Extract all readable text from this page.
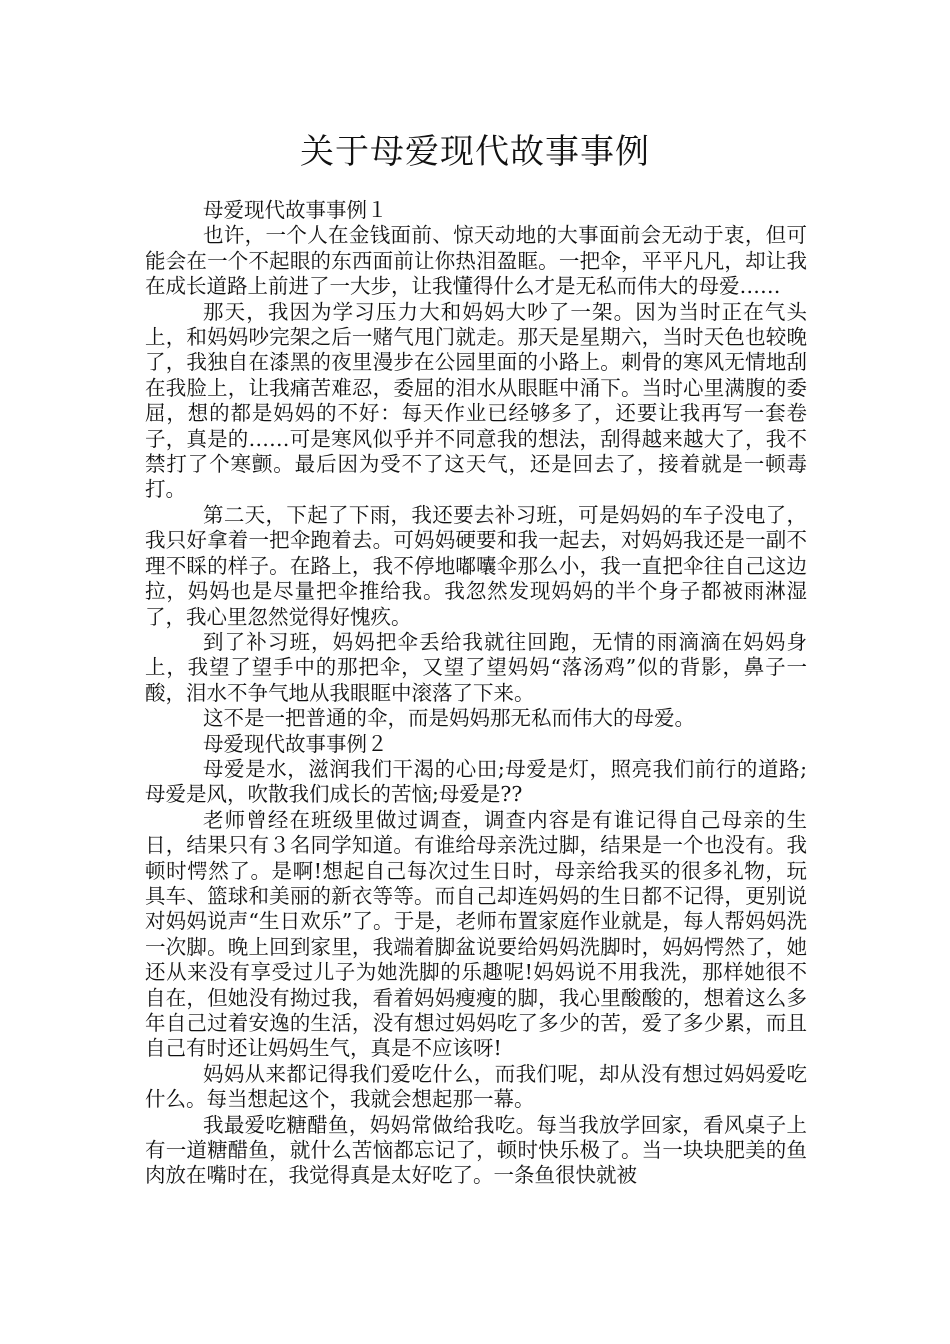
关于母爱现代故事事例

母爱现代故事事例１

也许，一个人在金钱面前、惊天动地的大事面前会无动于衷，但可能会在一个不起眼的东西面前让你热泪盈眶。一把伞，平平凡凡，却让我在成长道路上前进了一大步，让我懂得什么才是无私而伟大的母爱……

那天，我因为学习压力大和妈妈大吵了一架。因为当时正在气头上，和妈妈吵完架之后一赌气甩门就走。那天是星期六，当时天色也较晚了，我独自在漆黑的夜里漫步在公园里面的小路上。刺骨的寒风无情地刮在我脸上，让我痛苦难忍，委屈的泪水从眼眶中涌下。当时心里满腹的委屈，想的都是妈妈的不好：每天作业已经够多了，还要让我再写一套卷子，真是的……可是寒风似乎并不同意我的想法，刮得越来越大了，我不禁打了个寒颤。最后因为受不了这天气，还是回去了，接着就是一顿毒打。

第二天，下起了下雨，我还要去补习班，可是妈妈的车子没电了，我只好拿着一把伞跑着去。可妈妈硬要和我一起去，对妈妈我还是一副不理不睬的样子。在路上，我不停地嘟囔伞那么小，我一直把伞往自己这边拉，妈妈也是尽量把伞推给我。我忽然发现妈妈的半个身子都被雨淋湿了，我心里忽然觉得好愧疚。

到了补习班，妈妈把伞丢给我就往回跑，无情的雨滴滴在妈妈身上，我望了望手中的那把伞，又望了望妈妈“落汤鸡”似的背影，鼻子一酸，泪水不争气地从我眼眶中滚落了下来。

这不是一把普通的伞，而是妈妈那无私而伟大的母爱。

母爱现代故事事例２

母爱是水，滋润我们干渴的心田;母爱是灯，照亮我们前行的道路;母爱是风，吹散我们成长的苦恼;母爱是??

老师曾经在班级里做过调查，调查内容是有谁记得自己母亲的生日，结果只有３名同学知道。有谁给母亲洗过脚，结果是一个也没有。我顿时愕然了。是啊!想起自己每次过生日时，母亲给我买的很多礼物，玩具车、篮球和美丽的新衣等等。而自己却连妈妈的生日都不记得，更别说对妈妈说声“生日欢乐”了。于是，老师布置家庭作业就是，每人帮妈妈洗一次脚。晚上回到家里，我端着脚盆说要给妈妈洗脚时，妈妈愕然了，她还从来没有享受过儿子为她洗脚的乐趣呢!妈妈说不用我洗，那样她很不自在，但她没有拗过我，看着妈妈瘦瘦的脚，我心里酸酸的，想着这么多年自己过着安逸的生活，没有想过妈妈吃了多少的苦，爱了多少累，而且自己有时还让妈妈生气，真是不应该呀!

妈妈从来都记得我们爱吃什么，而我们呢，却从没有想过妈妈爱吃什么。每当想起这个，我就会想起那一幕。

我最爱吃糖醋鱼，妈妈常做给我吃。每当我放学回家，看风桌子上有一道糖醋鱼，就什么苦恼都忘记了，顿时快乐极了。当一块块肥美的鱼肉放在嘴时在，我觉得真是太好吃了。一条鱼很快就被
